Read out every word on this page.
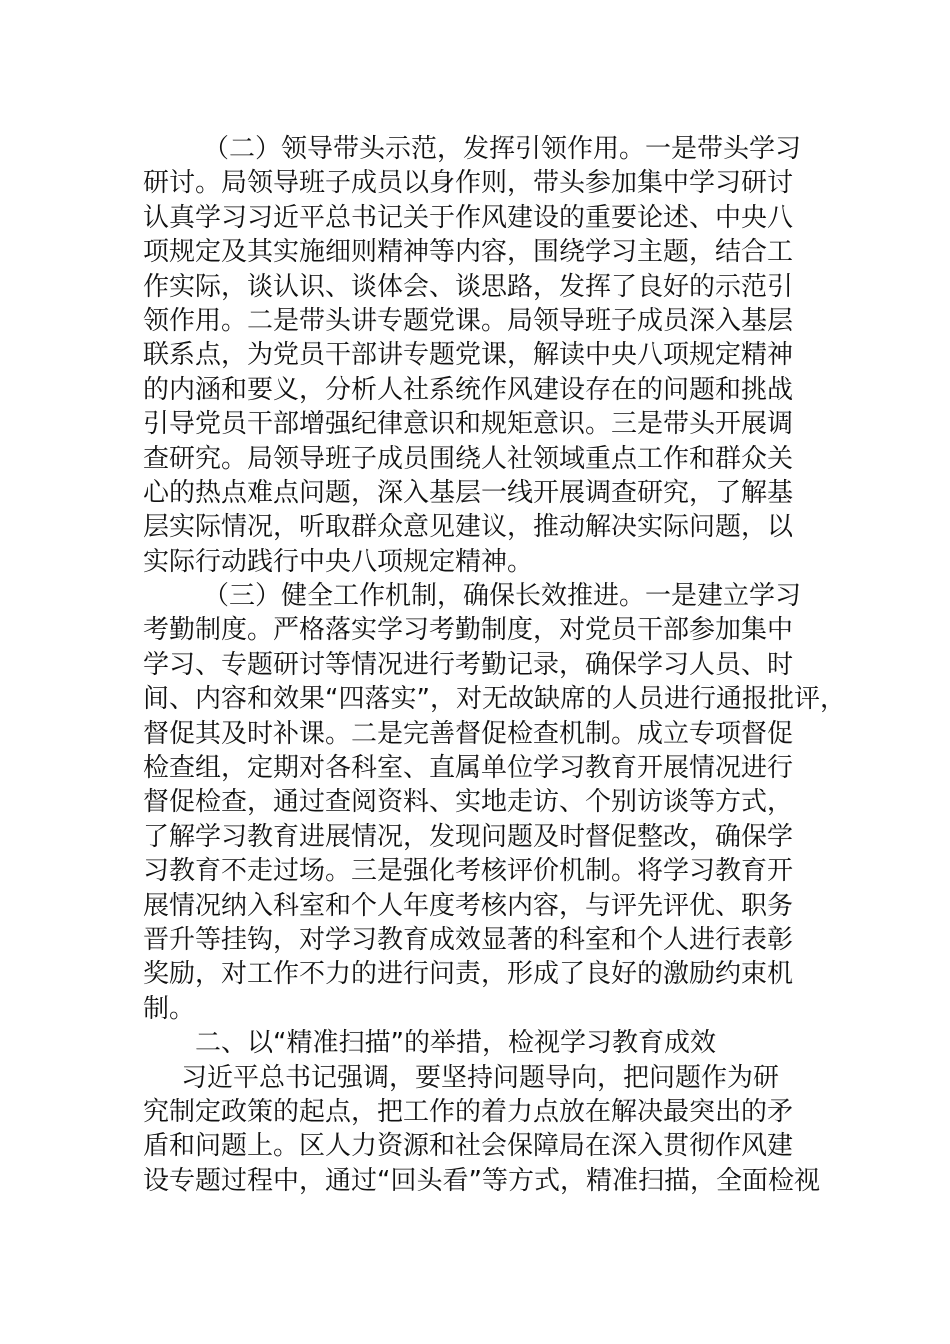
（二）领导带头示范，发挥引领作用。一是带头学习
研讨。局领导班子成员以身作则，带头参加集中学习研讨
认真学习习近平总书记关于作风建设的重要论述、中央八
项规定及其实施细则精神等内容，围绕学习主题，结合工
作实际，谈认识、谈体会、谈思路，发挥了良好的示范引
领作用。二是带头讲专题党课。局领导班子成员深入基层
联系点，为党员干部讲专题党课，解读中央八项规定精神
的内涵和要义，分析人社系统作风建设存在的问题和挑战
引导党员干部增强纪律意识和规矩意识。三是带头开展调
查研究。局领导班子成员围绕人社领域重点工作和群众关
心的热点难点问题，深入基层一线开展调查研究，了解基
层实际情况，听取群众意见建议，推动解决实际问题，以
实际行动践行中央八项规定精神。
（三）健全工作机制，确保长效推进。一是建立学习
考勤制度。严格落实学习考勤制度，对党员干部参加集中
学习、专题研讨等情况进行考勤记录，确保学习人员、时
间、内容和效果“四落实”，对无故缺席的人员进行通报批评，
督促其及时补课。二是完善督促检查机制。成立专项督促
检查组，定期对各科室、直属单位学习教育开展情况进行
督促检查，通过查阅资料、实地走访、个别访谈等方式，
了解学习教育进展情况，发现问题及时督促整改，确保学
习教育不走过场。三是强化考核评价机制。将学习教育开
展情况纳入科室和个人年度考核内容，与评先评优、职务
晋升等挂钩，对学习教育成效显著的科室和个人进行表彰
奖励，对工作不力的进行问责，形成了良好的激励约束机
制。
二、以“精准扫描”的举措，检视学习教育成效
习近平总书记强调，要坚持问题导向，把问题作为研
究制定政策的起点，把工作的着力点放在解决最突出的矛
盾和问题上。区人力资源和社会保障局在深入贯彻作风建
设专题过程中，通过“回头看”等方式，精准扫描，全面检视
